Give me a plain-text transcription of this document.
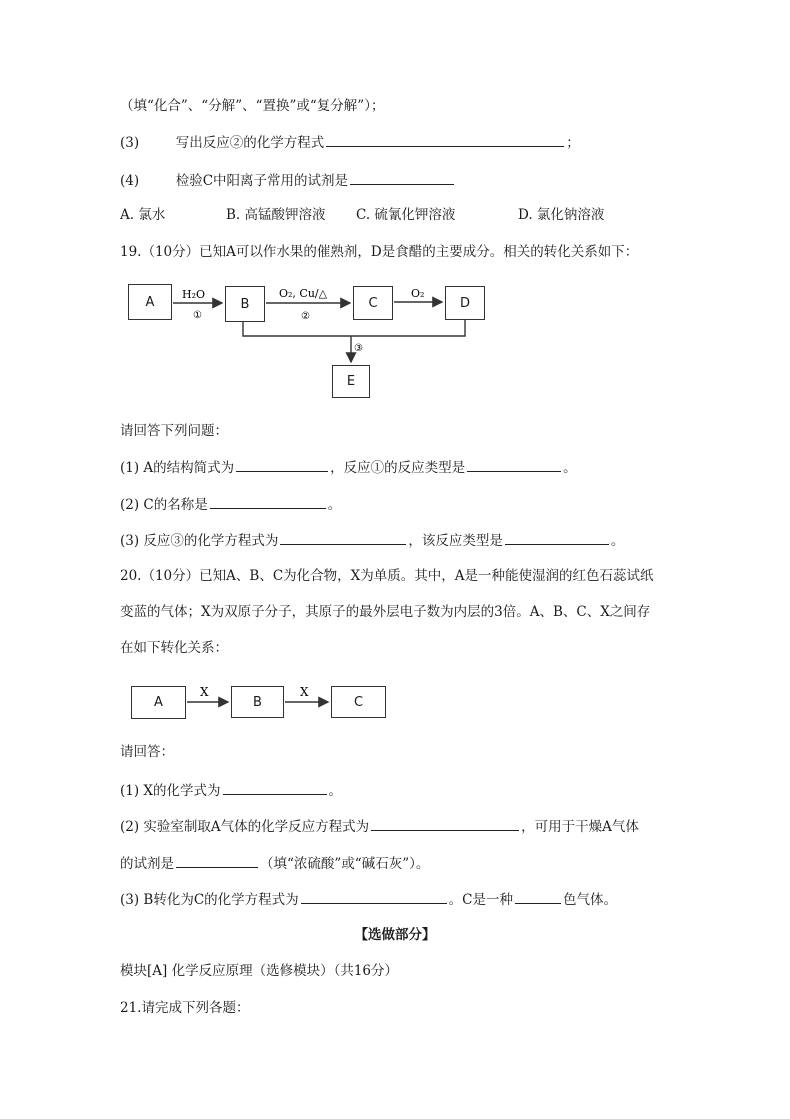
（填“化合”、“分解”、“置换”或“复分解”）；
(3)	写出反应②的化学方程式	；
(4)	检验C中阳离子常用的试剂是
A. 氯水	B. 高锰酸钾溶液 C. 硫氰化钾溶液	D. 氯化钠溶液
19.（10分）已知A可以作水果的催熟剂，D是食醋的主要成分。相关的转化关系如下：
A	B	C	D
E
H₂O
①
O₂, Cu/△
②
O₂
③
请回答下列问题：
(1) A的结构简式为	，反应①的反应类型是	。
(2) C的名称是	。
(3) 反应③的化学方程式为	，该反应类型是	。
20.（10分）已知A、B、C为化合物，X为单质。其中，A是一种能使湿润的红色石蕊试纸
变蓝的气体；X为双原子分子，其原子的最外层电子数为内层的3倍。A、B、C、X之间存
在如下转化关系：
A	B	C
X	X
请回答：
(1) X的化学式为	。
(2) 实验室制取A气体的化学反应方程式为	，可用于干燥A气体
的试剂是	（填“浓硫酸”或“碱石灰”）。
(3) B转化为C的化学方程式为	。C是一种	色气体。
【选做部分】
模块[A] 化学反应原理（选修模块）（共16分）
21.请完成下列各题：
